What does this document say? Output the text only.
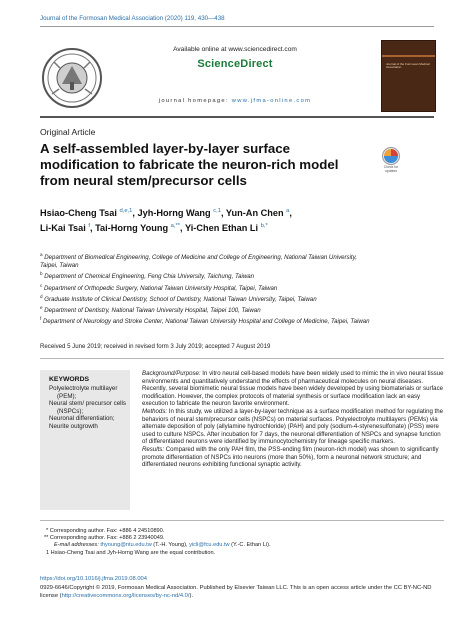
Journal of the Formosan Medical Association (2020) 119, 430—438
Available online at www.sciencedirect.com
ScienceDirect
journal homepage: www.jfma-online.com
Journal of the Formosan Medical Association
Original Article
A self-assembled layer-by-layer surface modification to fabricate the neuron-rich model from neural stem/precursor cells
Check for updates
Hsiao-Cheng Tsai $^{d,e,1}$, Jyh-Horng Wang $^{c,1}$, Yun-An Chen $^a$,
Li-Kai Tsai $^f$, Tai-Horng Young $^{a,**}$, Yi-Chen Ethan Li $^{b,*}$
$^a$ Department of Biomedical Engineering, College of Medicine and College of Engineering, National Taiwan University, Taipei, Taiwan
$^b$ Department of Chemical Engineering, Feng Chia University, Taichung, Taiwan
$^c$ Department of Orthopedic Surgery, National Taiwan University Hospital, Taipei, Taiwan
$^d$ Graduate Institute of Clinical Dentistry, School of Dentistry, National Taiwan University, Taipei, Taiwan
$^e$ Department of Dentistry, National Taiwan University Hospital, Taipei 100, Taiwan
$^f$ Department of Neurology and Stroke Center, National Taiwan University Hospital and College of Medicine, Taipei, Taiwan
Received 5 June 2019; received in revised form 3 July 2019; accepted 7 August 2019
KEYWORDS
Polyelectrolyte multilayer (PEM);
Neural stem/ precursor cells (NSPCs);
Neuronal differentiation;
Neurite outgrowth

Background/Purpose: In vitro neural cell-based models have been widely used to mimic the in vivo neural tissue environments and quantitatively understand the effects of pharmaceutical molecules on neural diseases. Recently, several biomimetic neural tissue models have been widely developed by using biomaterials or surface modification. However, the complex protocols of material synthesis or surface modification lack an easy execution to fabricate the neuron favorite environment.

Methods: In this study, we utilized a layer-by-layer technique as a surface modification method for regulating the behaviors of neural stem/precursor cells (NSPCs) on material surfaces. Polyelectrolyte multilayers (PEMs) via alternate deposition of poly (allylamine hydrochloride) (PAH) and poly (sodium-4-styrenesulfonate) (PSS) were used to culture NSPCs. After incubation for 7 days, the neuronal differentiation of NSPCs and synapse function of differentiated neurons were identified by immunocytochemistry for lineage specific markers.

Results: Compared with the only PAH film, the PSS-ending film (neuron-rich model) was shown to significantly promote differentiation of NSPCs into neurons (more than 50%), form a neuronal network structure; and differentiated neurons exhibiting functional synaptic activity.

* Corresponding author. Fax: +886 4 24510890.
** Corresponding author. Fax: +886 2 23940049.
E-mail addresses: thyoung@ntu.edu.tw (T.-H. Young), yicli@fcu.edu.tw (Y.-C. Ethan Li).
1 Hsiao-Cheng Tsai and Jyh-Horng Wang are the equal contribution.
https://doi.org/10.1016/j.jfma.2019.08.004
0929-6646/Copyright © 2019, Formosan Medical Association. Published by Elsevier Taiwan LLC. This is an open access article under the CC BY-NC-ND license (http://creativecommons.org/licenses/by-nc-nd/4.0/).
